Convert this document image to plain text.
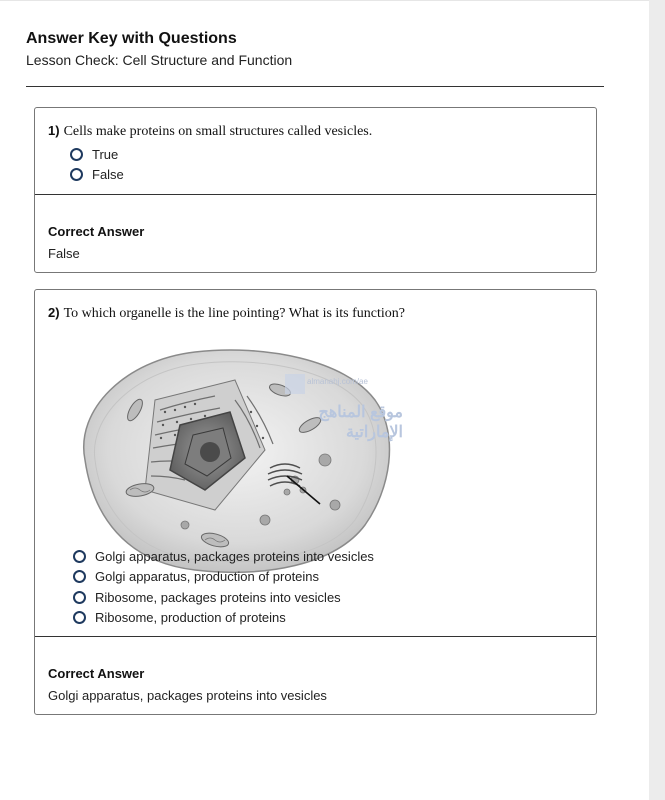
Answer Key with Questions
Lesson Check: Cell Structure and Function
1) Cells make proteins on small structures called vesicles.
True
False
Correct Answer
False
2) To which organelle is the line pointing? What is its function?
almanahj.com/ae
موقع المناهج الإماراتية
Golgi apparatus, packages proteins into vesicles
Golgi apparatus, production of proteins
Ribosome, packages proteins into vesicles
Ribosome, production of proteins
Correct Answer
Golgi apparatus, packages proteins into vesicles
